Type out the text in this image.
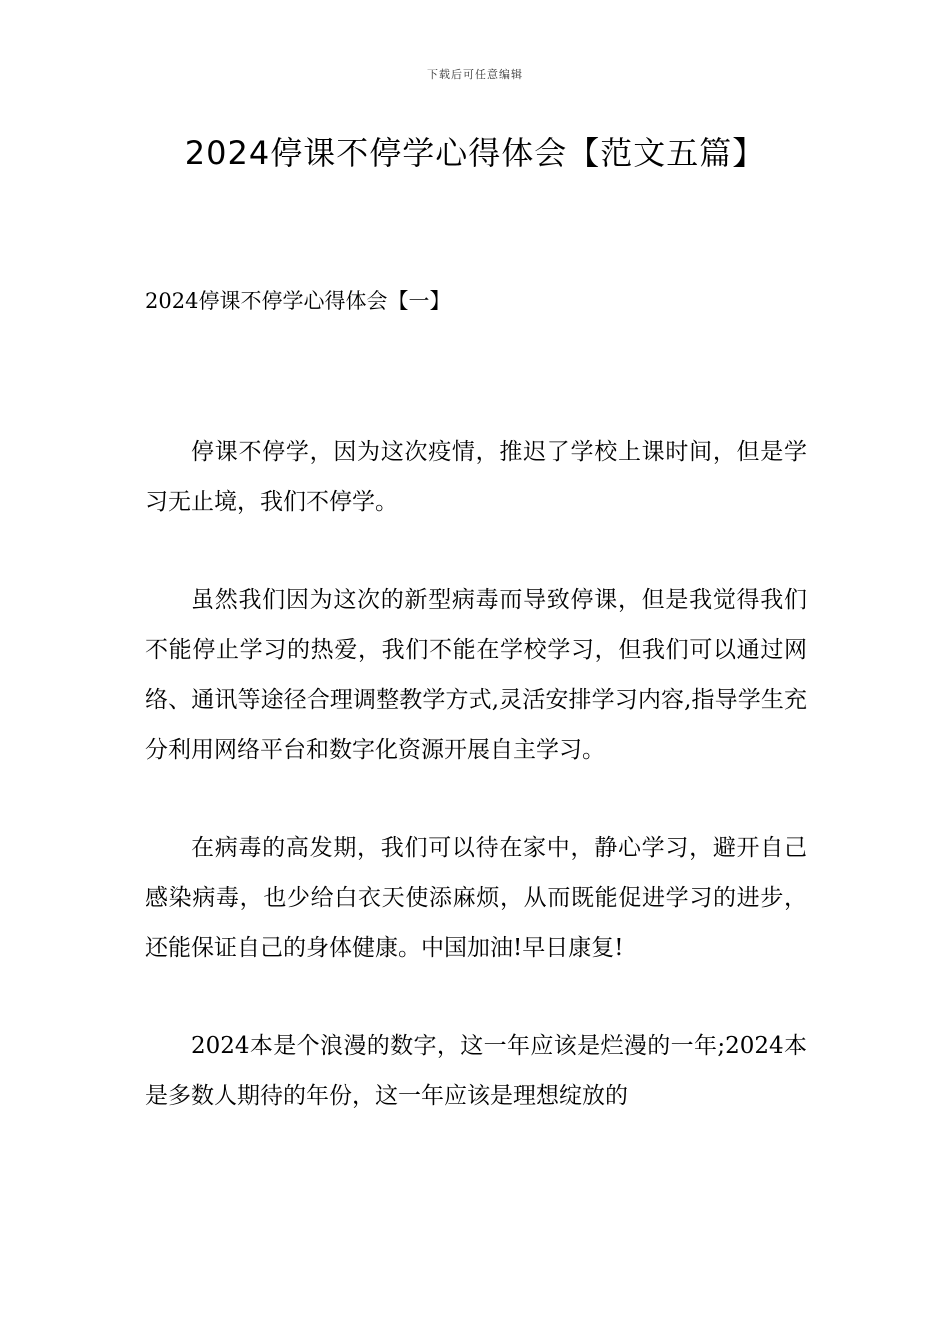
下载后可任意编辑
2024停课不停学心得体会【范文五篇】
2024停课不停学心得体会【一】

停课不停学，因为这次疫情，推迟了学校上课时间，但是学习无止境，我们不停学。

虽然我们因为这次的新型病毒而导致停课，但是我觉得我们不能停止学习的热爱，我们不能在学校学习，但我们可以通过网络、通讯等途径合理调整教学方式,灵活安排学习内容,指导学生充分利用网络平台和数字化资源开展自主学习。

在病毒的高发期，我们可以待在家中，静心学习，避开自己感染病毒，也少给白衣天使添麻烦，从而既能促进学习的进步，还能保证自己的身体健康。中国加油!早日康复!

2024本是个浪漫的数字，这一年应该是烂漫的一年;2024本是多数人期待的年份，这一年应该是理想绽放的
